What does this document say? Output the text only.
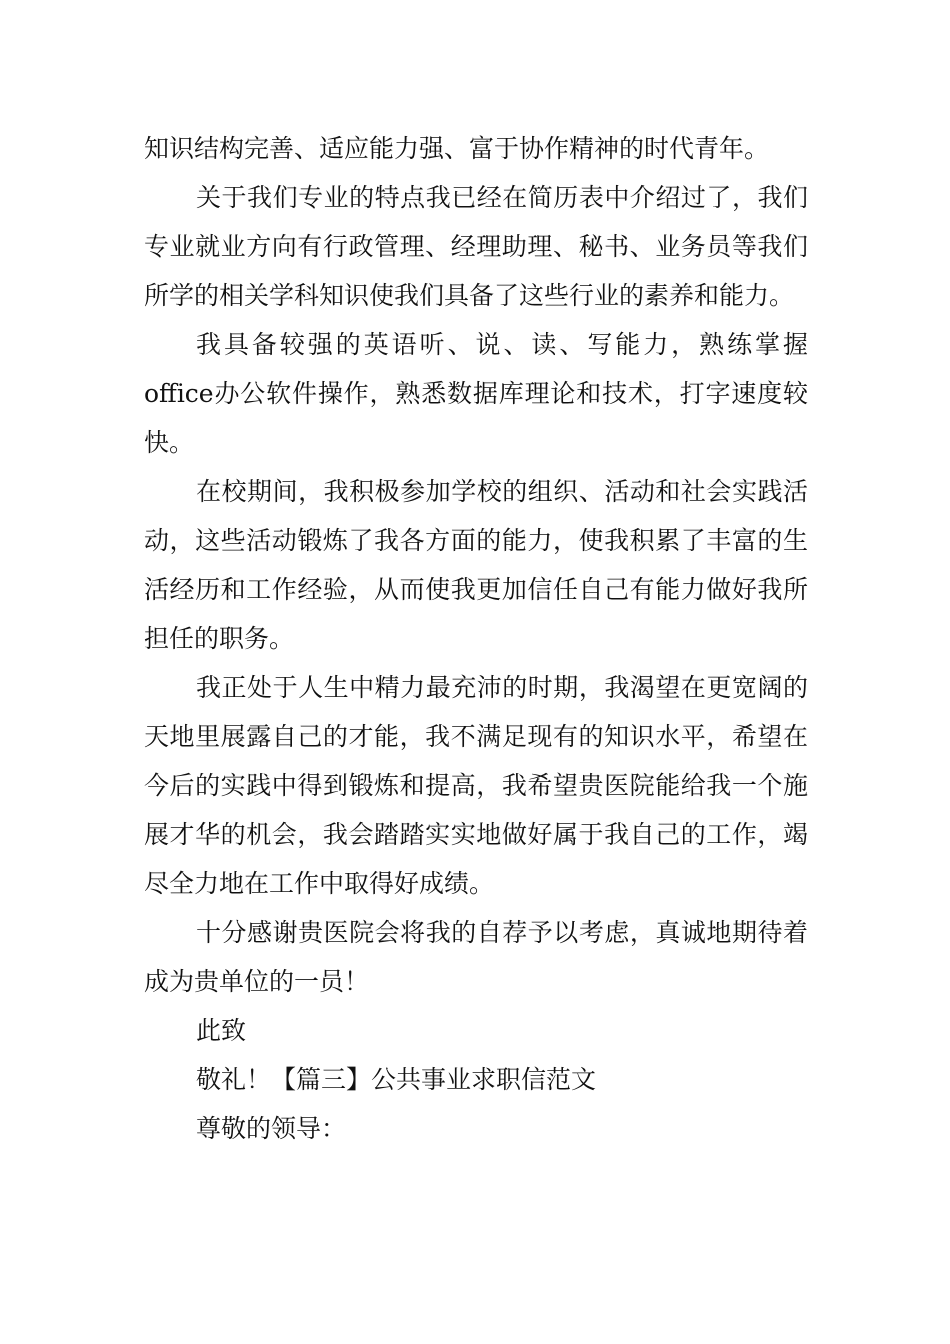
知识结构完善、适应能力强、富于协作精神的时代青年。

关于我们专业的特点我已经在简历表中介绍过了，我们专业就业方向有行政管理、经理助理、秘书、业务员等我们所学的相关学科知识使我们具备了这些行业的素养和能力。

我具备较强的英语听、说、读、写能力，熟练掌握office办公软件操作，熟悉数据库理论和技术，打字速度较快。

在校期间，我积极参加学校的组织、活动和社会实践活动，这些活动锻炼了我各方面的能力，使我积累了丰富的生活经历和工作经验，从而使我更加信任自己有能力做好我所担任的职务。

我正处于人生中精力最充沛的时期，我渴望在更宽阔的天地里展露自己的才能，我不满足现有的知识水平，希望在今后的实践中得到锻炼和提高，我希望贵医院能给我一个施展才华的机会，我会踏踏实实地做好属于我自己的工作，竭尽全力地在工作中取得好成绩。

十分感谢贵医院会将我的自荐予以考虑，真诚地期待着成为贵单位的一员！

此致

敬礼！【篇三】公共事业求职信范文

尊敬的领导：
